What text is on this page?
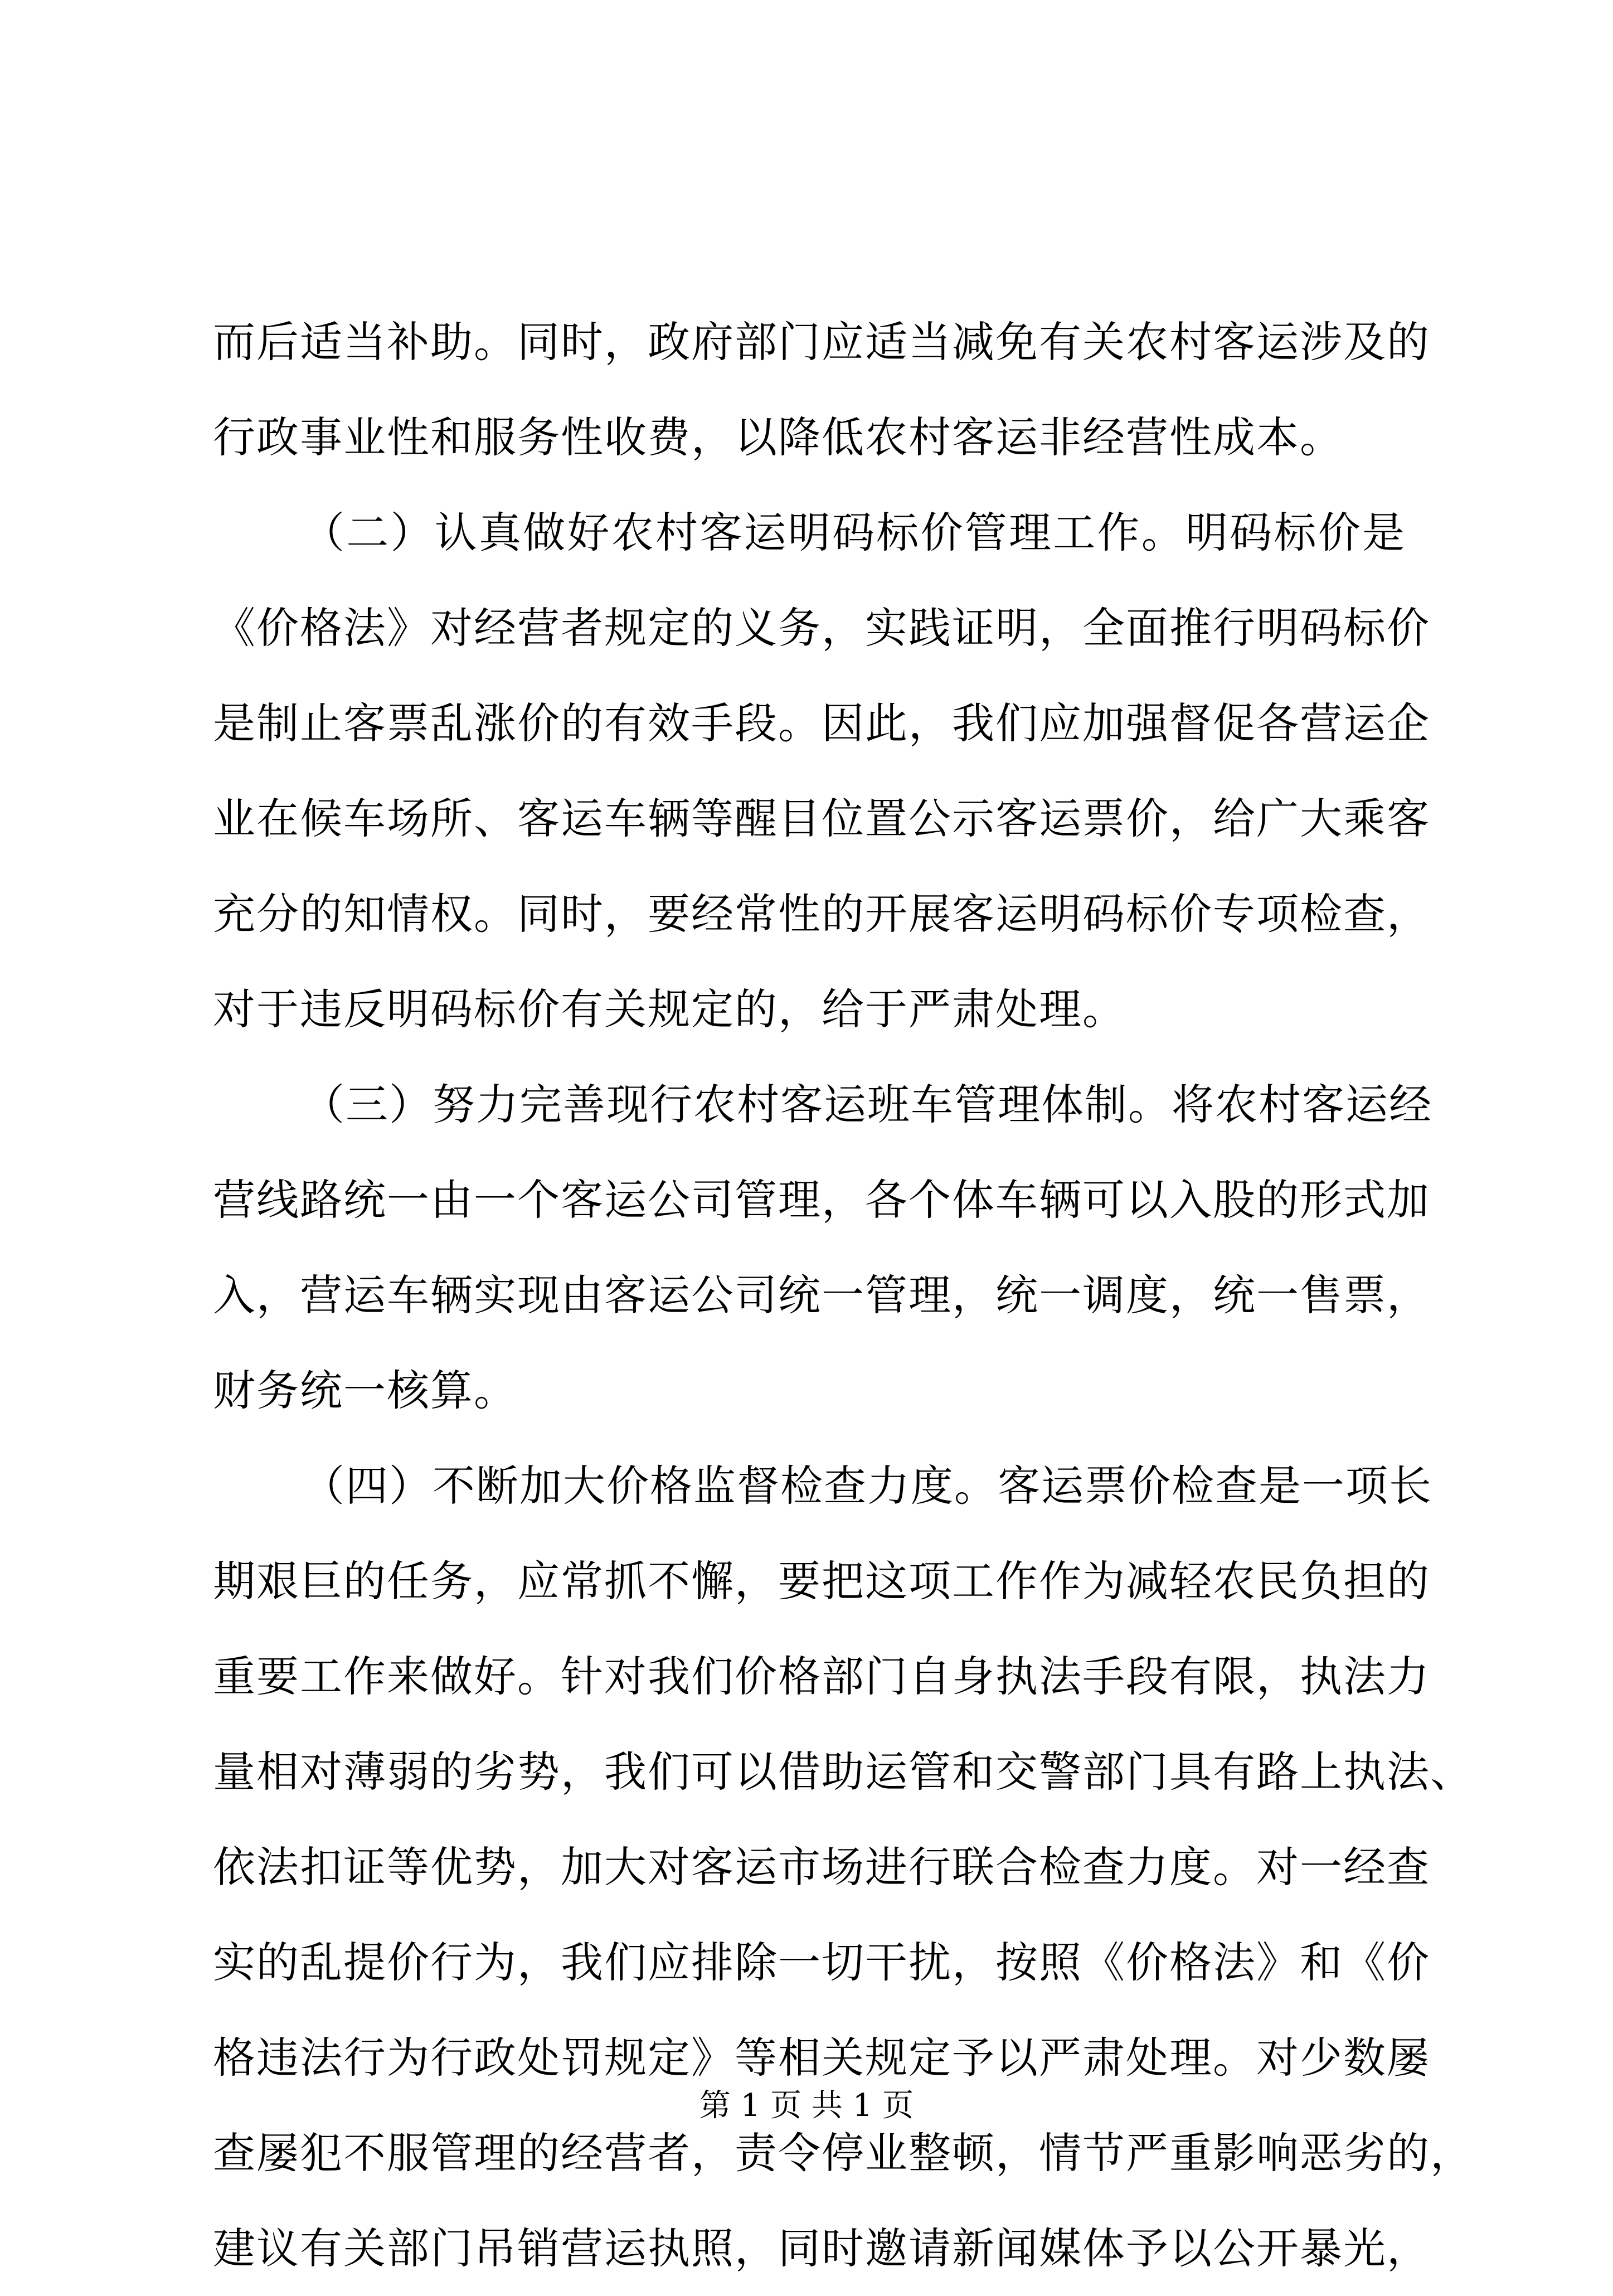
而后适当补助。同时，政府部门应适当减免有关农村客运涉及的
行政事业性和服务性收费，以降低农村客运非经营性成本。
（二）认真做好农村客运明码标价管理工作。明码标价是
《价格法》对经营者规定的义务，实践证明，全面推行明码标价
是制止客票乱涨价的有效手段。因此，我们应加强督促各营运企
业在候车场所、客运车辆等醒目位置公示客运票价，给广大乘客
充分的知情权。同时，要经常性的开展客运明码标价专项检查，
对于违反明码标价有关规定的，给于严肃处理。
（三）努力完善现行农村客运班车管理体制。将农村客运经
营线路统一由一个客运公司管理，各个体车辆可以入股的形式加
入，营运车辆实现由客运公司统一管理，统一调度，统一售票，
财务统一核算。
（四）不断加大价格监督检查力度。客运票价检查是一项长
期艰巨的任务，应常抓不懈，要把这项工作作为减轻农民负担的
重要工作来做好。针对我们价格部门自身执法手段有限，执法力
量相对薄弱的劣势，我们可以借助运管和交警部门具有路上执法、
依法扣证等优势，加大对客运市场进行联合检查力度。对一经查
实的乱提价行为，我们应排除一切干扰，按照《价格法》和《价
格违法行为行政处罚规定》等相关规定予以严肃处理。对少数屡
查屡犯不服管理的经营者，责令停业整顿，情节严重影响恶劣的，
建议有关部门吊销营运执照，同时邀请新闻媒体予以公开暴光，
第 1 页 共 1 页
